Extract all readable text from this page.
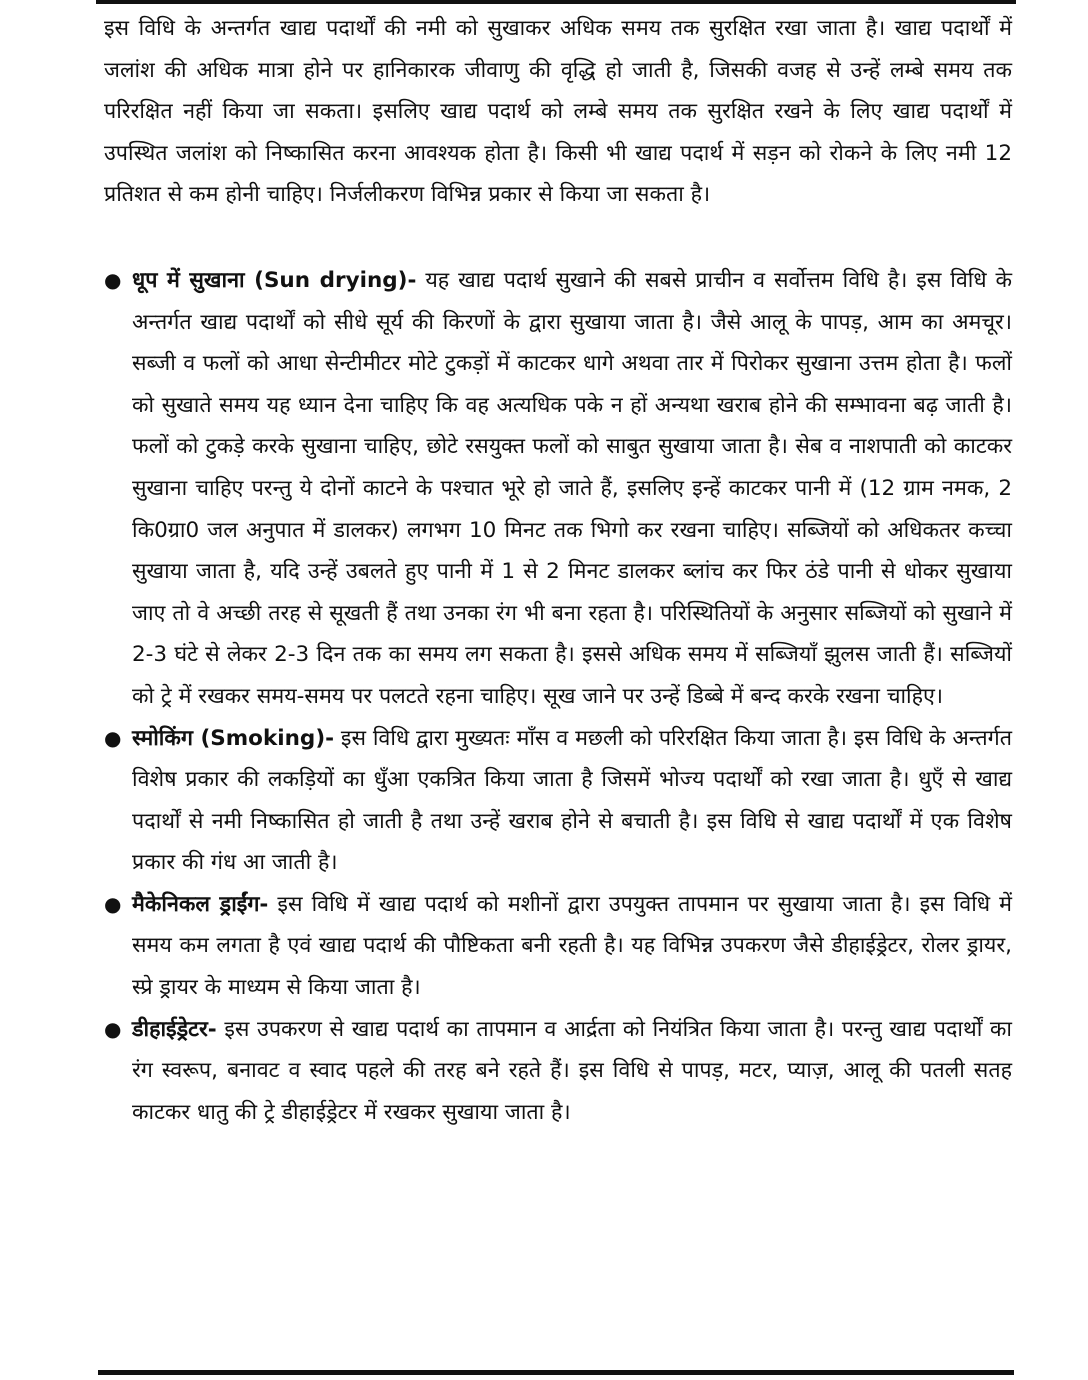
इस विधि के अन्तर्गत खाद्य पदार्थों की नमी को सुखाकर अधिक समय तक सुरक्षित रखा जाता है। खाद्य पदार्थों में जलांश की अधिक मात्रा होने पर हानिकारक जीवाणु की वृद्धि हो जाती है, जिसकी वजह से उन्हें लम्बे समय तक परिरक्षित नहीं किया जा सकता। इसलिए खाद्य पदार्थ को लम्बे समय तक सुरक्षित रखने के लिए खाद्य पदार्थों में उपस्थित जलांश को निष्कासित करना आवश्यक होता है। किसी भी खाद्य पदार्थ में सड़न को रोकने के लिए नमी 12 प्रतिशत से कम होनी चाहिए। निर्जलीकरण विभिन्न प्रकार से किया जा सकता है।

● धूप में सुखाना (Sun drying)- यह खाद्य पदार्थ सुखाने की सबसे प्राचीन व सर्वोत्तम विधि है। इस विधि के अन्तर्गत खाद्य पदार्थों को सीधे सूर्य की किरणों के द्वारा सुखाया जाता है। जैसे आलू के पापड़, आम का अमचूर। सब्जी व फलों को आधा सेन्टीमीटर मोटे टुकड़ों में काटकर धागे अथवा तार में पिरोकर सुखाना उत्तम होता है। फलों को सुखाते समय यह ध्यान देना चाहिए कि वह अत्यधिक पके न हों अन्यथा खराब होने की सम्भावना बढ़ जाती है। फलों को टुकड़े करके सुखाना चाहिए, छोटे रसयुक्त फलों को साबुत सुखाया जाता है। सेब व नाशपाती को काटकर सुखाना चाहिए परन्तु ये दोनों काटने के पश्चात भूरे हो जाते हैं, इसलिए इन्हें काटकर पानी में (12 ग्राम नमक, 2 कि0ग्रा0 जल अनुपात में डालकर) लगभग 10 मिनट तक भिगो कर रखना चाहिए। सब्जियों को अधिकतर कच्चा सुखाया जाता है, यदि उन्हें उबलते हुए पानी में 1 से 2 मिनट डालकर ब्लांच कर फिर ठंडे पानी से धोकर सुखाया जाए तो वे अच्छी तरह से सूखती हैं तथा उनका रंग भी बना रहता है। परिस्थितियों के अनुसार सब्जियों को सुखाने में 2-3 घंटे से लेकर 2-3 दिन तक का समय लग सकता है। इससे अधिक समय में सब्जियाँ झुलस जाती हैं। सब्जियों को ट्रे में रखकर समय-समय पर पलटते रहना चाहिए। सूख जाने पर उन्हें डिब्बे में बन्द करके रखना चाहिए।
● स्मोकिंग (Smoking)- इस विधि द्वारा मुख्यतः माँस व मछली को परिरक्षित किया जाता है। इस विधि के अन्तर्गत विशेष प्रकार की लकड़ियों का धुँआ एकत्रित किया जाता है जिसमें भोज्य पदार्थों को रखा जाता है। धुएँ से खाद्य पदार्थों से नमी निष्कासित हो जाती है तथा उन्हें खराब होने से बचाती है। इस विधि से खाद्य पदार्थों में एक विशेष प्रकार की गंध आ जाती है।
● मैकेनिकल ड्राईंग- इस विधि में खाद्य पदार्थ को मशीनों द्वारा उपयुक्त तापमान पर सुखाया जाता है। इस विधि में समय कम लगता है एवं खाद्य पदार्थ की पौष्टिकता बनी रहती है। यह विभिन्न उपकरण जैसे डीहाईड्रेटर, रोलर ड्रायर, स्प्रे ड्रायर के माध्यम से किया जाता है।
● डीहाईड्रेटर- इस उपकरण से खाद्य पदार्थ का तापमान व आर्द्रता को नियंत्रित किया जाता है। परन्तु खाद्य पदार्थों का रंग स्वरूप, बनावट व स्वाद पहले की तरह बने रहते हैं। इस विधि से पापड़, मटर, प्याज़, आलू की पतली सतह काटकर धातु की ट्रे डीहाईड्रेटर में रखकर सुखाया जाता है।
